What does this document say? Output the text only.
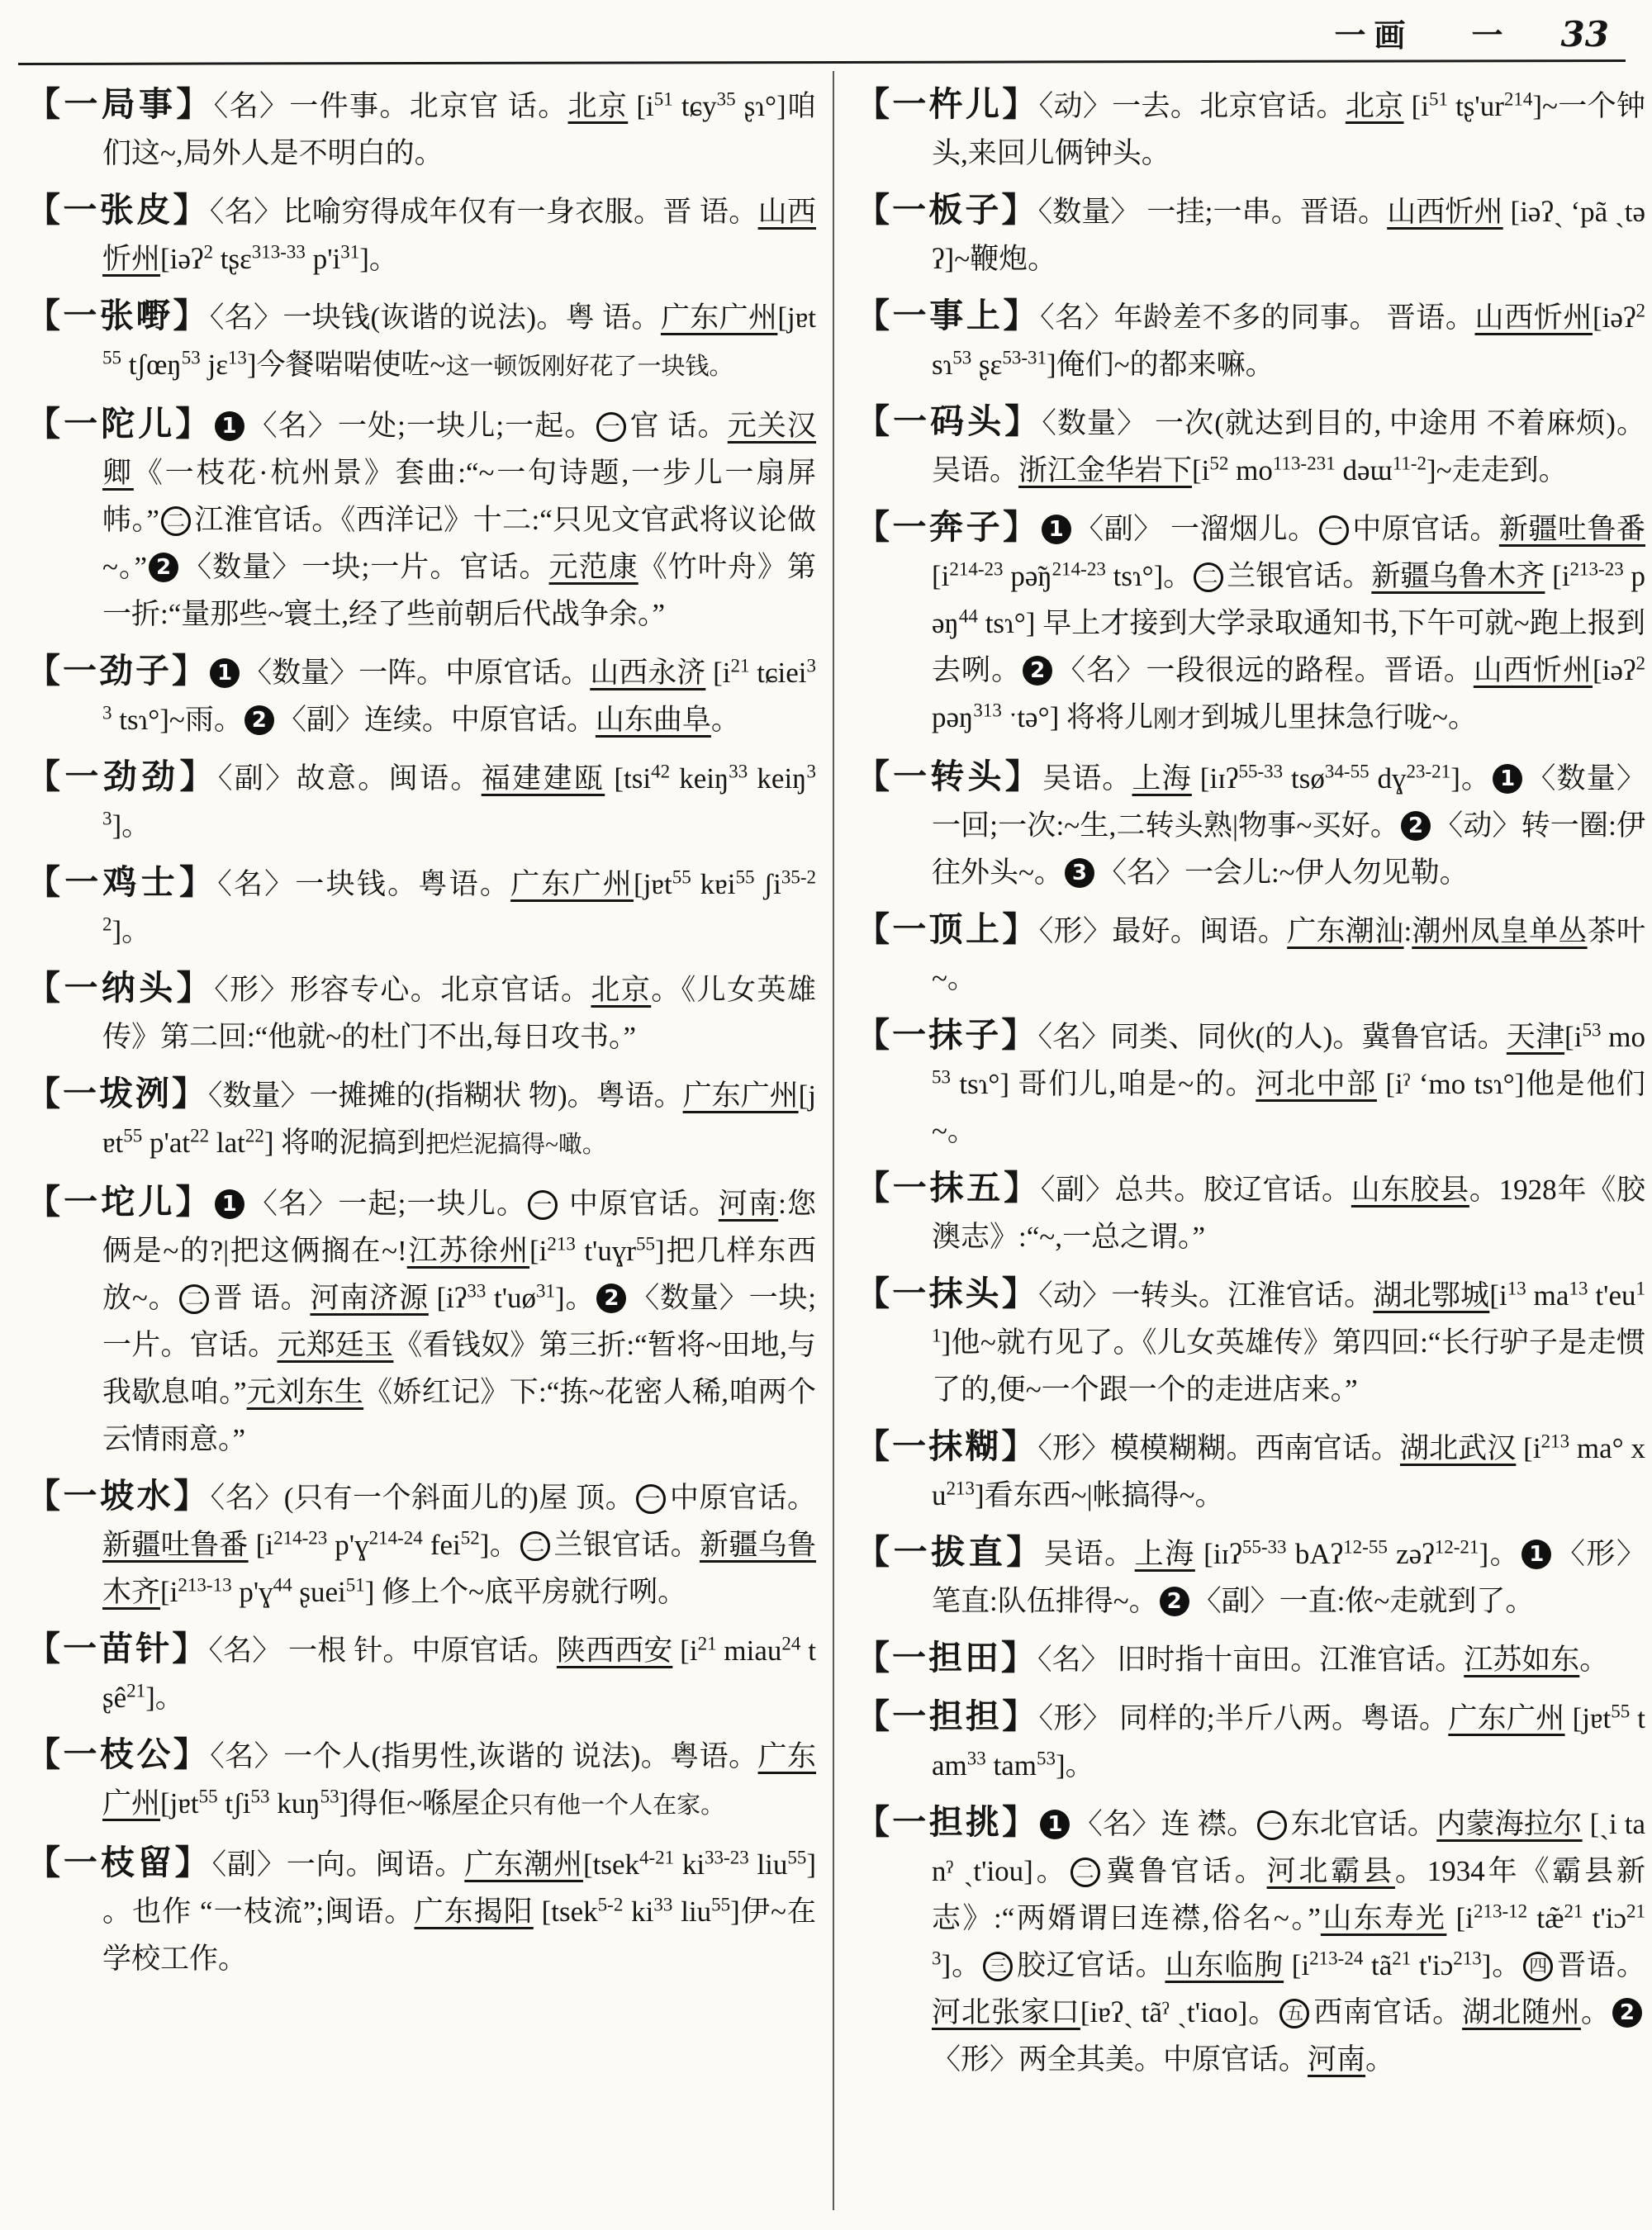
一画 一 33
【一局事】〈名〉一件事。北京官 话。北京 [$i^{51}$ tɕy$^{35}$ ʂɿ°]咱们这~,局外人是不明白的。
【一张皮】〈名〉比喻穷得成年仅有一身衣服。晋 语。山西忻州[iəʔ$^2$ tʂɛ$^{313-33}$ $p'i^{31}$]。
【一张嘢】〈名〉一块钱(诙谐的说法)。粤 语。广东广州[jɐt$^{55}$ tʃœŋ$^{53}$ jɛ$^{13}$]今餐啱啱使咗~这一顿饭刚好花了一块钱。
【一陀儿】 1 〈名〉一处;一块儿;一起。 一 官 话。元关汉卿《一枝花·杭州景》套曲:“~一句诗题,一步儿一扇屏帏。” 二 江淮官话。《西洋记》十二:“只见文官武将议论做~。” 2 〈数量〉一块;一片。官话。元范康《竹叶舟》第一折:“量那些~寰土,经了些前朝后代战争余。”
【一劲子】 1 〈数量〉一阵。中原官话。山西永济 [$i^{21}$ tɕiei$^{33}$ tsɿ°]~雨。 2 〈副〉连续。中原官话。山东曲阜。
【一劲劲】〈副〉故意。闽语。福建建瓯 [tsi$^{42}$ keiŋ$^{33}$ keiŋ$^{33}$]。
【一鸡士】〈名〉一块钱。粤语。广东广州[jɐt$^{55}$ kɐi$^{55}$ ʃi$^{35-22}$]。
【一纳头】〈形〉形容专心。北京官话。北京。《儿女英雄传》第二回:“他就~的杜门不出,每日攻书。”
【一坺洌】〈数量〉一摊摊的(指糊状 物)。粤语。广东广州[jɐt$^{55}$ $p'at^{22}$ lat$^{22}$] 将啲泥搞到把烂泥搞得~噉。
【一坨儿】 1 〈名〉一起;一块儿。 一 中原官话。河南:您俩是~的?|把这俩搁在~!江苏徐州[$i^{213}$ t'uɣr$^{55}$]把几样东西放~。 二 晋 语。河南济源 [iʔ$^{33}$ $t'uø^{31}$]。 2 〈数量〉一块;一片。官话。元郑廷玉《看钱奴》第三折:“暂将~田地,与我歇息咱。”元刘东生《娇红记》下:“拣~花密人稀,咱两个云情雨意。”
【一坡水】〈名〉(只有一个斜面儿的)屋 顶。 一 中原官话。新疆吐鲁番 [$i^{214-23}$ p'ɣ$^{214-24}$ fei$^{52}$]。 二 兰银官话。新疆乌鲁木齐[$i^{213-13}$ p'ɣ$^{44}$ ʂuei$^{51}$] 修上个~底平房就行咧。
【一苗针】〈名〉 一根 针。中原官话。陕西西安 [$i^{21}$ miau$^{24}$ tʂê$^{21}$]。
【一枝公】〈名〉一个人(指男性,诙谐的 说法)。粤语。广东广州[jɐt$^{55}$ tʃi$^{53}$ kuŋ$^{53}$]得佢~喺屋企只有他一个人在家。
【一枝留】〈副〉一向。闽语。广东潮州[tsek$^{4-21}$ $ki^{33-23}$ liu$^{55}$] 。也作 “一枝流”;闽语。广东揭阳 [tsek$^{5-2}$ $ki^{33}$ liu$^{55}$]伊~在学校工作。
【一杵儿】〈动〉一去。北京官话。北京 [$i^{51}$ $tʂ'ur^{214}]\sim$一个钟头,来回儿俩钟头。
【一板子】〈数量〉 一挂;一串。晋语。山西忻州 [iəʔˎ ʻpã ˎtəʔ]~鞭炮。
【一事上】〈名〉年龄差不多的同事。 晋语。山西忻州[iəʔ$^2$ sɿ$^{53}$ ʂɛ$^{53-31}$]俺们~的都来嘛。
【一码头】〈数量〉 一次(就达到目的, 中途用 不着麻烦)。吴语。浙江金华岩下[$i^{52}$ $mo^{113-231}$ dəɯ$^{11-2}$]~走走到。
【一奔子】 1 〈副〉 一溜烟儿。 一 中原官话。新疆吐鲁番 [$i^{214-23}$ $pə̃ŋ^{214-23}$ tsɿ°]。 二 兰银官话。新疆乌鲁木齐 [$i^{213-23}$ pəŋ$^{44}$ tsɿ°] 早上才接到大学录取通知书,下午可就~跑上报到去咧。 2 〈名〉一段很远的路程。晋语。山西忻州[iəʔ$^2$ pəŋ$^{313}$ ˑtə°] 将将儿刚才到城儿里抹急行咙~。
【一转头】吴语。上海 [iɪʔ$^{55-33}$ tsø$^{34-55}$ dɣ$^{23-21}$]。 1 〈数量〉一回;一次:~生,二转头熟|物事~买好。 2 〈动〉转一圈:伊往外头~。 3 〈名〉一会儿:~伊人勿见勒。
【一顶上】〈形〉最好。闽语。广东潮汕:潮州凤皇单丛茶叶~。
【一抹子】〈名〉同类、同伙(的人)。冀鲁官话。天津[$i^{53}$ $mo^{53}$ tsɿ°] 哥们儿,咱是~的。河北中部 [iˀ ʻmo tsɿ°]他是他们~。
【一抹五】〈副〉总共。胶辽官话。山东胶县。1928年《胶澳志》:“~,一总之谓。”
【一抹头】〈动〉一转头。江淮官话。湖北鄂城[$i^{13}$ $ma^{13}$ $t'eu^{11}$]他~就冇见了。《儿女英雄传》第四回:“长行驴子是走惯了的,便~一个跟一个的走进店来。”
【一抹糊】〈形〉模模糊糊。西南官话。湖北武汉 [$i^{213}$ ma° $xu^{213}$]看东西~|帐搞得~。
【一拔直】吴语。上海 [iɪʔ$^{55-33}$ bAʔ$^{12-55}$ zəʔ$^{12-21}$]。 1 〈形〉笔直:队伍排得~。 2 〈副〉一直:侬~走就到了。
【一担田】〈名〉 旧时指十亩田。江淮官话。江苏如东。
【一担担】〈形〉 同样的;半斤八两。粤语。广东广州 [jɐt$^{55}$ tam$^{33}$ tam$^{53}$]。
【一担挑】 1 〈名〉连 襟。 一 东北官话。内蒙海拉尔 [ˎi tanˀ ˎt'iou]。 二 冀鲁官话。河北霸县。1934年《霸县新志》:“两婿谓曰连襟,俗名~。”山东寿光 [$i^{213-12}$ tæ̃$^{21}$ t'iɔ$^{213}$]。 三 胶辽官话。山东临朐 [$i^{213-24}$ $tã^{21}$ t'iɔ$^{213}$]。 四 晋语。河北张家口[iɐʔˎ tãˀ ˎt'iɑo]。 五 西南官话。湖北随州。 2〈形〉两全其美。中原官话。河南。
